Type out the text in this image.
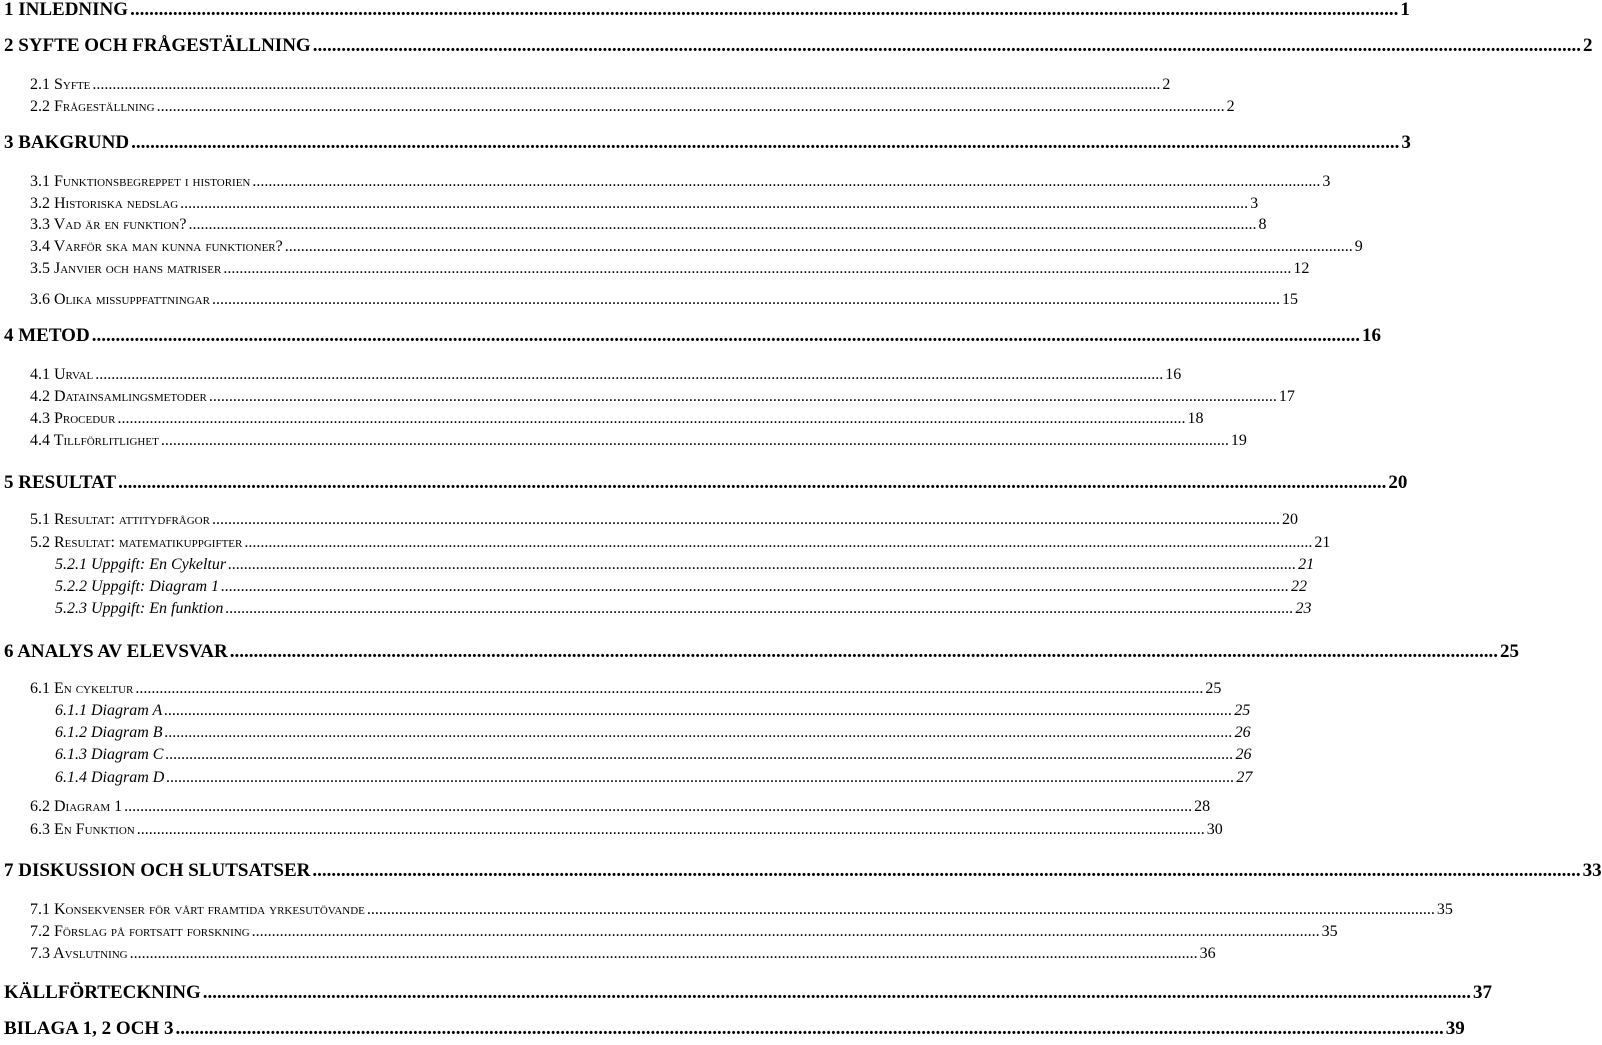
1 INLEDNING .....	1
2 SYFTE OCH FRÅGESTÄLLNING .....	2
2.1 Syfte .....	2
2.2 Frågeställning .....	2
3 BAKGRUND .....	3
3.1 Funktionsbegreppet i historien .....	3
3.2 Historiska nedslag .....	3
3.3 Vad är en funktion? .....	8
3.4 Varför ska man kunna funktioner? .....	9
3.5 Janvier och hans matriser .....	12
3.6 Olika missuppfattningar .....	15
4 METOD .....	16
4.1 Urval .....	16
4.2 Datainsamlingsmetoder .....	17
4.3 Procedur .....	18
4.4 Tillförlitlighet .....	19
5 RESULTAT .....	20
5.1 Resultat: attitydfrågor .....	20
5.2 Resultat: matematikuppgifter .....	21
5.2.1 Uppgift: En Cykeltur .....	21
5.2.2 Uppgift: Diagram 1 .....	22
5.2.3 Uppgift: En funktion .....	23
6 ANALYS AV ELEVSVAR .....	25
6.1 En cykeltur .....	25
6.1.1 Diagram A .....	25
6.1.2 Diagram B .....	26
6.1.3 Diagram C .....	26
6.1.4 Diagram D .....	27
6.2 Diagram 1 .....	28
6.3 En Funktion .....	30
7 DISKUSSION OCH SLUTSATSER .....	33
7.1 Konsekvenser för vårt framtida yrkesutövande .....	35
7.2 Förslag på fortsatt forskning .....	35
7.3 Avslutning .....	36
KÄLLFÖRTECKNING .....	37
BILAGA 1, 2 OCH 3 .....	39
